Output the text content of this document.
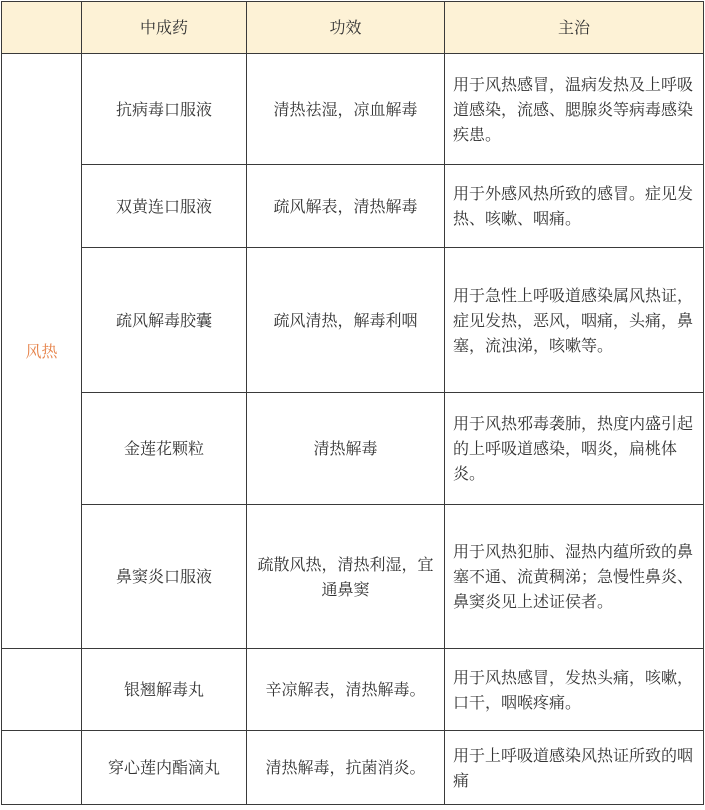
	中成药	功效	主治
风热	抗病毒口服液	清热祛湿，凉血解毒	用于风热感冒，温病发热及上呼吸道感染，流感、腮腺炎等病毒感染疾患。
	双黄连口服液	疏风解表，清热解毒	用于外感风热所致的感冒。症见发热、咳嗽、咽痛。
	疏风解毒胶囊	疏风清热，解毒利咽	用于急性上呼吸道感染属风热证，症见发热，恶风，咽痛，头痛，鼻塞，流浊涕，咳嗽等。
	金莲花颗粒	清热解毒	用于风热邪毒袭肺，热度内盛引起的上呼吸道感染，咽炎，扁桃体炎。
	鼻窦炎口服液	疏散风热，清热利湿，宜通鼻窦	用于风热犯肺、湿热内蕴所致的鼻塞不通、流黄稠涕；急慢性鼻炎、鼻窦炎见上述证侯者。
	银翘解毒丸	辛凉解表，清热解毒。	用于风热感冒，发热头痛，咳嗽，口干，咽喉疼痛。
	穿心莲内酯滴丸	清热解毒，抗菌消炎。	用于上呼吸道感染风热证所致的咽痛
